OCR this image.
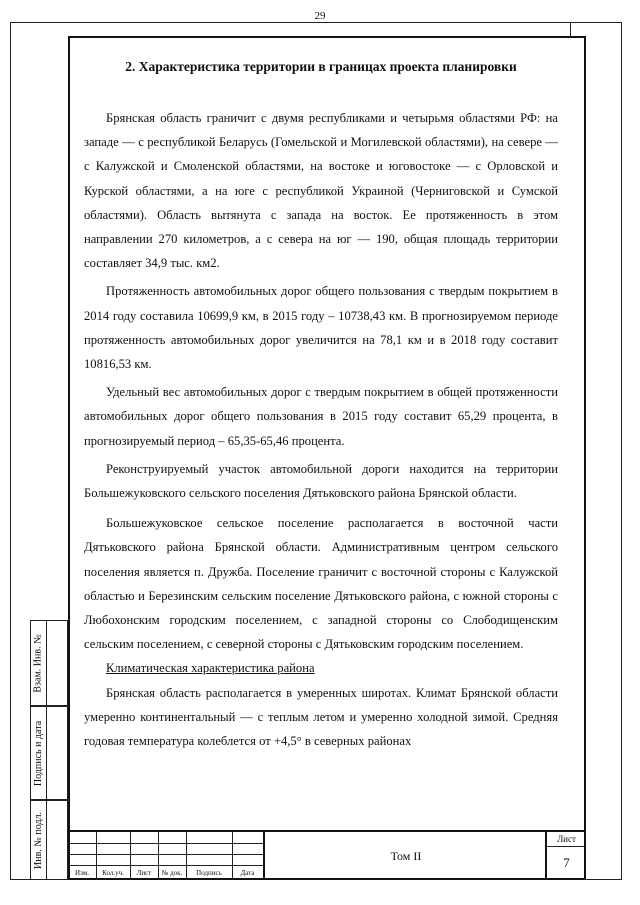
29

2. Характеристика территории в границах проекта планировки

Брянская область граничит с двумя республиками и четырьмя областями РФ: на западе — с республикой Беларусь (Гомельской и Могилевской областями), на севере — с Калужской и Смоленской областями, на востоке и юговостоке — с Орловской и Курской областями, а на юге с республикой Украиной (Черниговской и Сумской областями). Область вытянута с запада на восток. Ее протяженность в этом направлении 270 километров, а с севера на юг — 190, общая площадь территории составляет 34,9 тыс. км2.

Протяженность автомобильных дорог общего пользования с твердым покрытием в 2014 году составила 10699,9 км, в 2015 году – 10738,43 км. В прогнозируемом периоде протяженность автомобильных дорог увеличится на 78,1 км и в 2018 году составит 10816,53 км.

Удельный вес автомобильных дорог с твердым покрытием в общей протяженности автомобильных дорог общего пользования в 2015 году составит 65,29 процента, в прогнозируемый период – 65,35-65,46 процента.

Реконструируемый участок автомобильной дороги находится на территории Большежуковского сельского поселения Дятьковского района Брянской области.

Большежуковское сельское поселение располагается в восточной части Дятьковского района Брянской области. Административным центром сельского поселения является п. Дружба. Поселение граничит с восточной стороны с Калужской областью и Березинским сельским поселение Дятьковского района, с южной стороны с Любохонским городским поселением, с западной стороны со Слободищенским сельским поселением, с северной стороны с Дятьковским городским поселением.

Климатическая характеристика района

Брянская область располагается в умеренных широтах. Климат Брянской области умеренно континентальный — с теплым летом и умеренно холодной зимой. Средняя годовая температура колеблется от +4,5° в северных районах

Взам. Инв. №
Подпись и дата
Инв. № подл.
Изм.	Кол.уч.	Лист	№ док.	Подпись	Дата
Том II
Лист
7
